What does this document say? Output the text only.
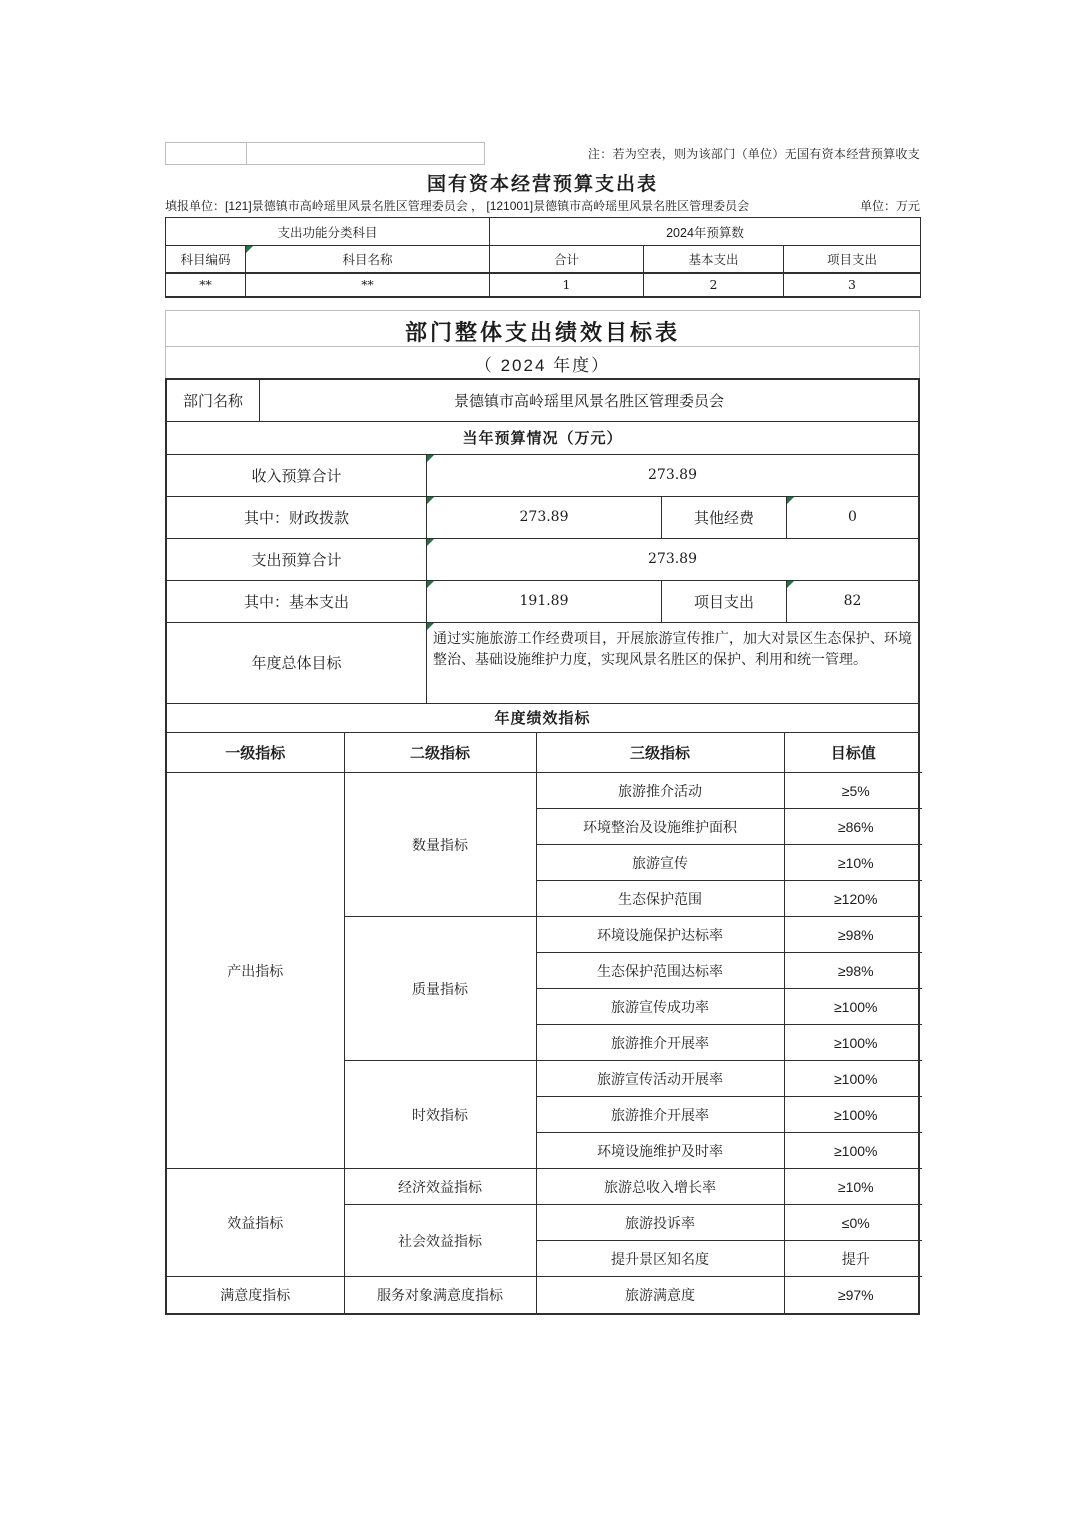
注：若为空表，则为该部门（单位）无国有资本经营预算收支
国有资本经营预算支出表
填报单位：[121]景德镇市高岭瑶里风景名胜区管理委员会 ， [121001]景德镇市高岭瑶里风景名胜区管理委员会	单位：万元
支出功能分类科目		2024年预算数		
科目编码	科目名称	合计	基本支出	项目支出
**	**	1	2	3
部门整体支出绩效目标表
（ 2024 年度）
部门名称	景德镇市高岭瑶里风景名胜区管理委员会
当年预算情况（万元）
收入预算合计	273.89
其中：财政拨款	273.89	其他经费	0
支出预算合计	273.89
其中：基本支出	191.89	项目支出	82
年度总体目标
通过实施旅游工作经费项目，开展旅游宣传推广，加大对景区生态保护、环境整治、基础设施维护力度，实现风景名胜区的保护、利用和统一管理。
年度绩效指标
一级指标	二级指标	三级指标	目标值
产出指标	数量指标	旅游推介活动	≥5%
		环境整治及设施维护面积	≥86%
		旅游宣传	≥10%
		生态保护范围	≥120%
	质量指标	环境设施保护达标率	≥98%
		生态保护范围达标率	≥98%
		旅游宣传成功率	≥100%
		旅游推介开展率	≥100%
	时效指标	旅游宣传活动开展率	≥100%
		旅游推介开展率	≥100%
		环境设施维护及时率	≥100%
效益指标	经济效益指标	旅游总收入增长率	≥10%
	社会效益指标	旅游投诉率	≤0%
		提升景区知名度	提升
满意度指标	服务对象满意度指标	旅游满意度	≥97%
